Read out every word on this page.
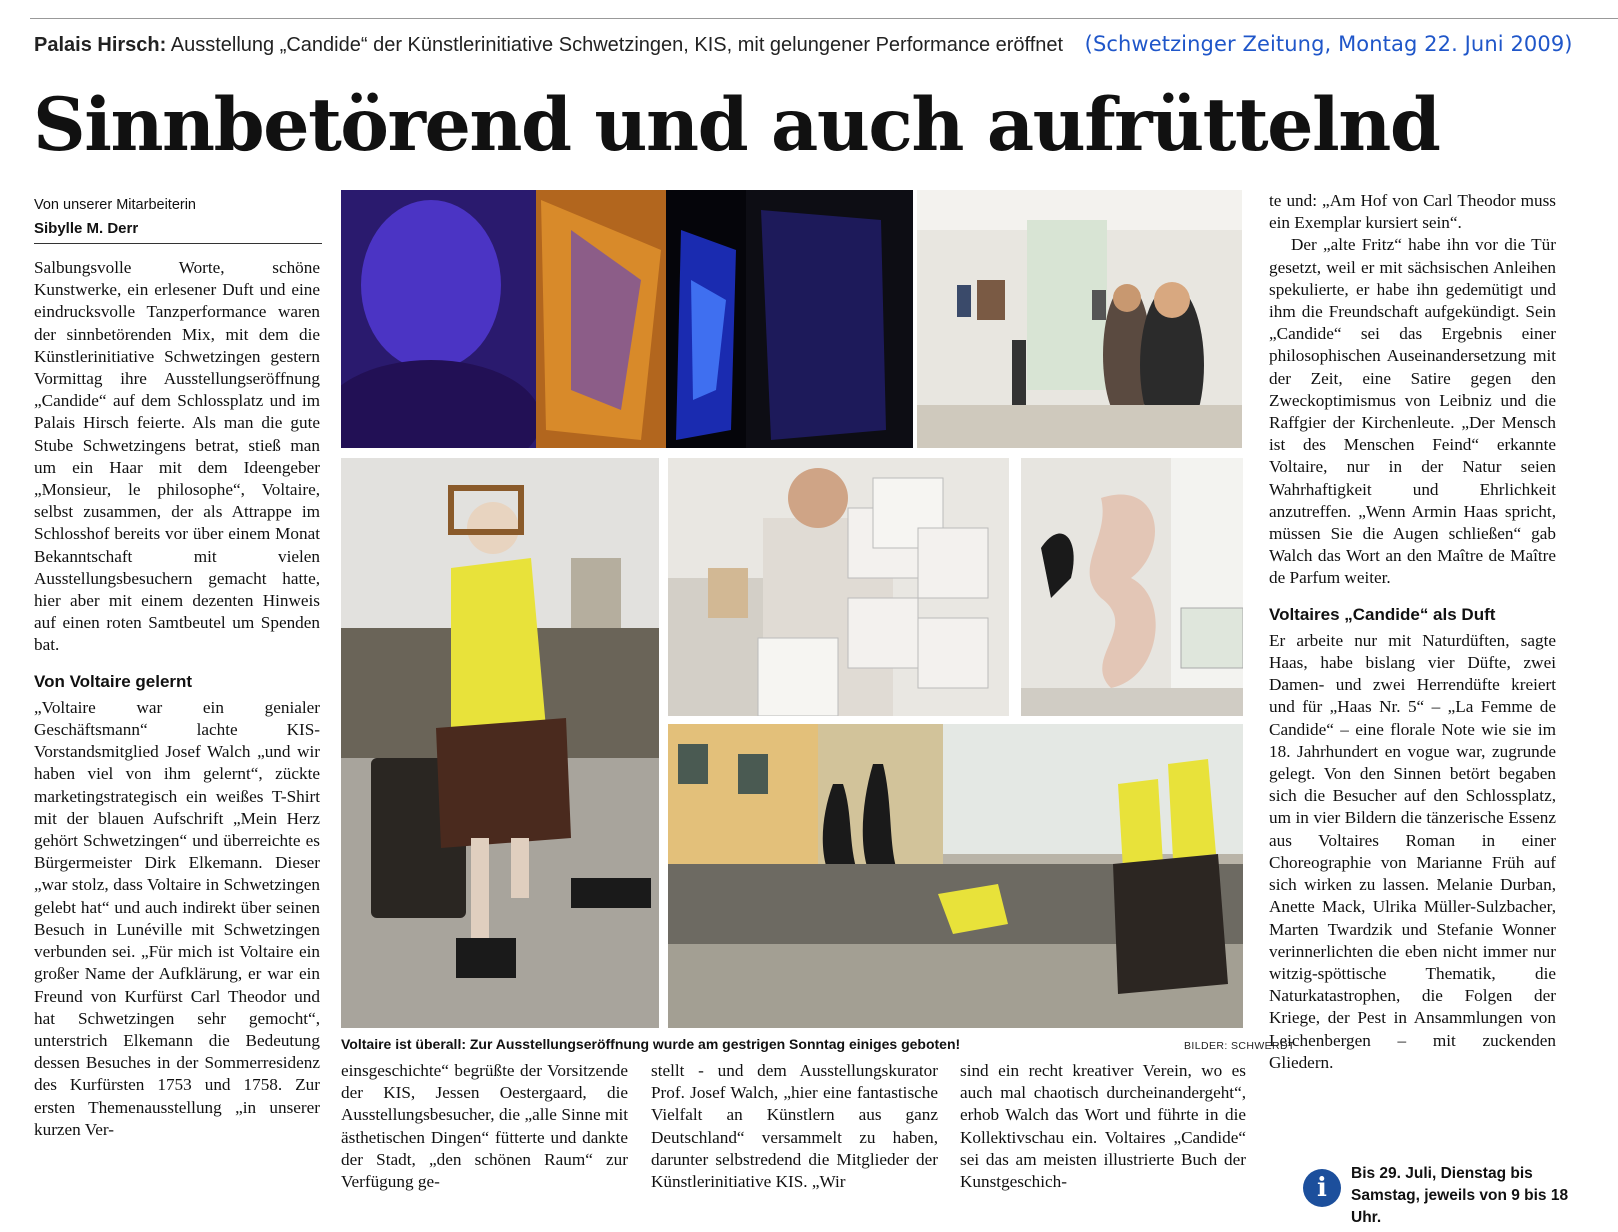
Palais Hirsch: Ausstellung „Candide“ der Künstlerinitiative Schwetzingen, KIS, mit gelungener Performance eröffnet (Schwetzinger Zeitung, Montag 22. Juni 2009)
Sinnbetörend und auch aufrüttelnd
Von unserer Mitarbeiterin
Sibylle M. Derr

Salbungsvolle Worte, schöne Kunstwerke, ein erlesener Duft und eine eindrucksvolle Tanzperformance waren der sinnbetörenden Mix, mit dem die Künstlerinitiative Schwetzingen gestern Vormittag ihre Ausstellungseröffnung „Candide“ auf dem Schlossplatz und im Palais Hirsch feierte. Als man die gute Stube Schwetzingens betrat, stieß man um ein Haar mit dem Ideengeber „Monsieur, le philosophe“, Voltaire, selbst zusammen, der als Attrappe im Schlosshof bereits vor über einem Monat Bekanntschaft mit vielen Ausstellungsbesuchern gemacht hatte, hier aber mit einem dezenten Hinweis auf einen roten Samtbeutel um Spenden bat.

Von Voltaire gelernt

„Voltaire war ein genialer Geschäftsmann“ lachte KIS-Vorstandsmitglied Josef Walch „und wir haben viel von ihm gelernt“, zückte marketingstrategisch ein weißes T-Shirt mit der blauen Aufschrift „Mein Herz gehört Schwetzingen“ und überreichte es Bürgermeister Dirk Elkemann. Dieser „war stolz, dass Voltaire in Schwetzingen gelebt hat“ und auch indirekt über seinen Besuch in Lunéville mit Schwetzingen verbunden sei. „Für mich ist Voltaire ein großer Name der Aufklärung, er war ein Freund von Kurfürst Carl Theodor und hat Schwetzingen sehr gemocht“, unterstrich Elkemann die Bedeutung dessen Besuches in der Sommerresidenz des Kurfürsten 1753 und 1758. Zur ersten Themenausstellung „in unserer kurzen Ver-

Voltaire ist überall: Zur Ausstellungseröffnung wurde am gestrigen Sonntag einiges geboten!	BILDER: SCHWERDT

einsgeschichte“ begrüßte der Vorsitzende der KIS, Jessen Oestergaard, die Ausstellungsbesucher, die „alle Sinne mit ästhetischen Dingen“ fütterte und dankte der Stadt, „den schönen Raum“ zur Verfügung ge-

stellt - und dem Ausstellungskurator Prof. Josef Walch, „hier eine fantastische Vielfalt an Künstlern aus ganz Deutschland“ versammelt zu haben, darunter selbstredend die Mitglieder der Künstlerinitiative KIS. „Wir

sind ein recht kreativer Verein, wo es auch mal chaotisch durcheinandergeht“, erhob Walch das Wort und führte in die Kollektivschau ein. Voltaires „Candide“ sei das am meisten illustrierte Buch der Kunstgeschich-

te und: „Am Hof von Carl Theodor muss ein Exemplar kursiert sein“.

Der „alte Fritz“ habe ihn vor die Tür gesetzt, weil er mit sächsischen Anleihen spekulierte, er habe ihn gedemütigt und ihm die Freundschaft aufgekündigt. Sein „Candide“ sei das Ergebnis einer philosophischen Auseinandersetzung mit der Zeit, eine Satire gegen den Zweckoptimismus von Leibniz und die Raffgier der Kirchenleute. „Der Mensch ist des Menschen Feind“ erkannte Voltaire, nur in der Natur seien Wahrhaftigkeit und Ehrlichkeit anzutreffen. „Wenn Armin Haas spricht, müssen Sie die Augen schließen“ gab Walch das Wort an den Maître de Maître de Parfum weiter.

Voltaires „Candide“ als Duft

Er arbeite nur mit Naturdüften, sagte Haas, habe bislang vier Düfte, zwei Damen- und zwei Herrendüfte kreiert und für „Haas Nr. 5“ – „La Femme de Candide“ – eine florale Note wie sie im 18. Jahrhundert en vogue war, zugrunde gelegt. Von den Sinnen betört begaben sich die Besucher auf den Schlossplatz, um in vier Bildern die tänzerische Essenz aus Voltaires Roman in einer Choreographie von Marianne Früh auf sich wirken zu lassen. Melanie Durban, Anette Mack, Ulrika Müller-Sulzbacher, Marten Twardzik und Stefanie Wonner verinnerlichten die eben nicht immer nur witzig-spöttische Thematik, die Naturkatastrophen, die Folgen der Kriege, der Pest in Ansammlungen von Leichenbergen – mit zuckenden Gliedern.

i	Bis 29. Juli, Dienstag bis Samstag, jeweils von 9 bis 18 Uhr.
